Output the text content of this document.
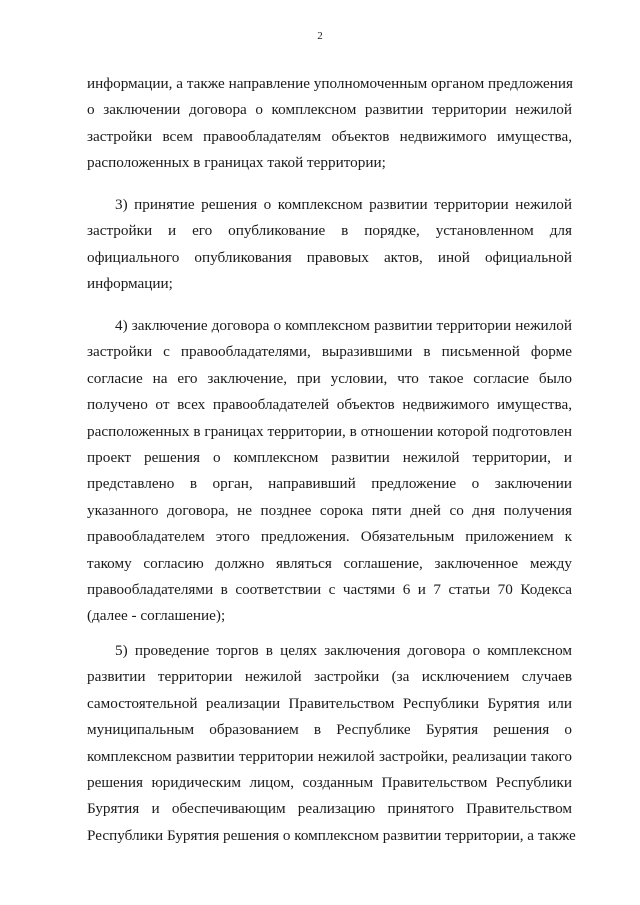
2

информации, а также направление уполномоченным органом предложения
о заключении договора о комплексном развитии территории нежилой
застройки всем правообладателям объектов недвижимого имущества,
расположенных в границах такой территории;

3) принятие решения о комплексном развитии территории нежилой
застройки и его опубликование в порядке, установленном для
официального опубликования правовых актов, иной официальной
информации;

4) заключение договора о комплексном развитии территории нежилой
застройки с правообладателями, выразившими в письменной форме
согласие на его заключение, при условии, что такое согласие было
получено от всех правообладателей объектов недвижимого имущества,
расположенных в границах территории, в отношении которой подготовлен
проект решения о комплексном развитии нежилой территории, и
представлено в орган, направивший предложение о заключении
указанного договора, не позднее сорока пяти дней со дня получения
правообладателем этого предложения. Обязательным приложением к
такому согласию должно являться соглашение, заключенное между
правообладателями в соответствии с частями 6 и 7 статьи 70 Кодекса
(далее - соглашение);

5) проведение торгов в целях заключения договора о комплексном
развитии территории нежилой застройки (за исключением случаев
самостоятельной реализации Правительством Республики Бурятия или
муниципальным образованием в Республике Бурятия решения о
комплексном развитии территории нежилой застройки, реализации такого
решения юридическим лицом, созданным Правительством Республики
Бурятия и обеспечивающим реализацию принятого Правительством
Республики Бурятия решения о комплексном развитии территории, а также
